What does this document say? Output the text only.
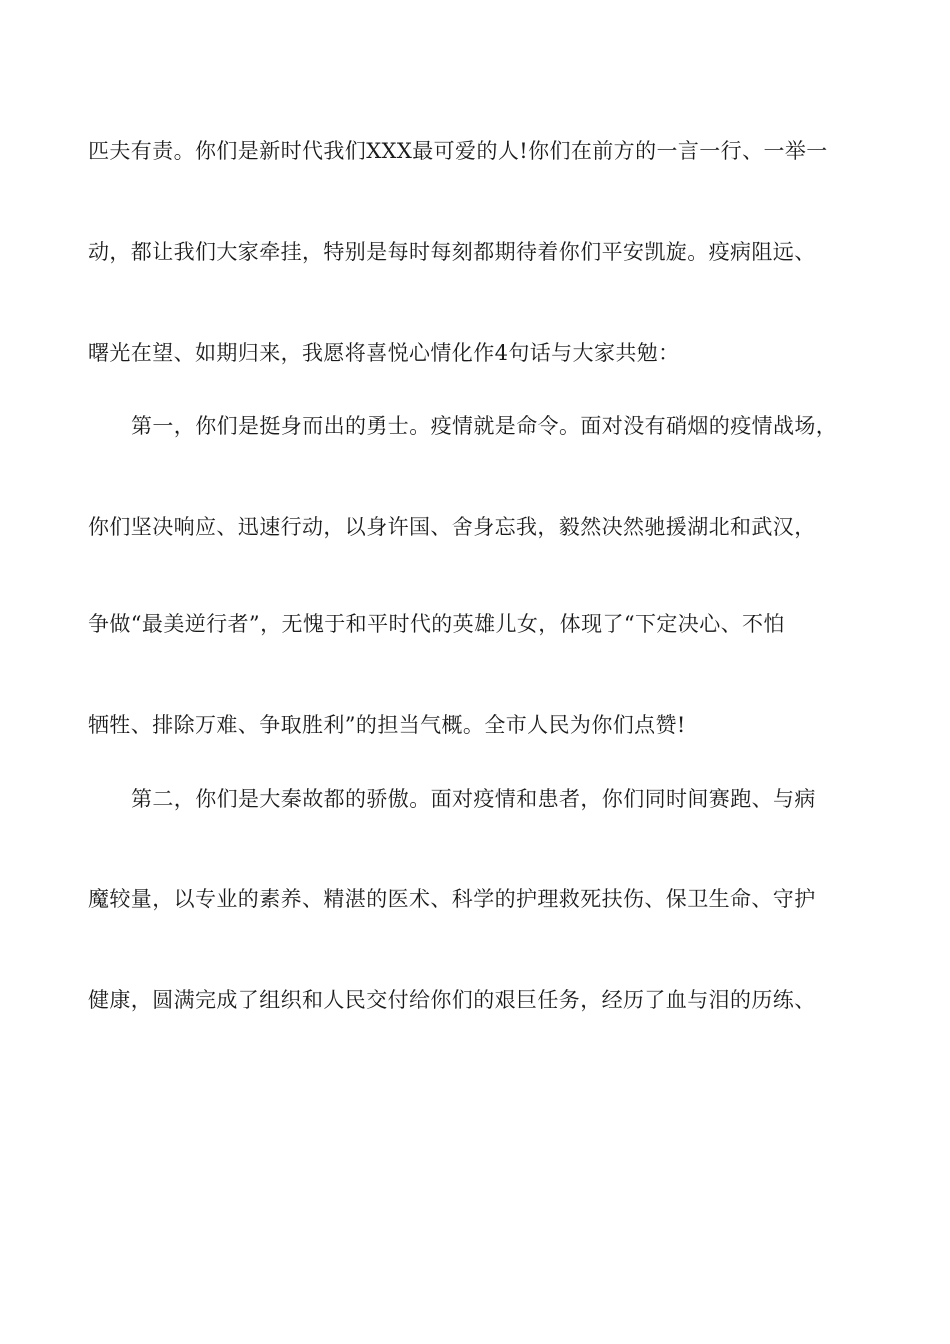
匹夫有责。你们是新时代我们XXX最可爱的人!你们在前方的一言一行、一举一
动，都让我们大家牵挂，特别是每时每刻都期待着你们平安凯旋。疫病阻远、
曙光在望、如期归来，我愿将喜悦心情化作4句话与大家共勉：
第一，你们是挺身而出的勇士。疫情就是命令。面对没有硝烟的疫情战场，
你们坚决响应、迅速行动，以身许国、舍身忘我，毅然决然驰援湖北和武汉，
争做“最美逆行者”，无愧于和平时代的英雄儿女，体现了“下定决心、不怕
牺牲、排除万难、争取胜利”的担当气概。全市人民为你们点赞!
第二，你们是大秦故都的骄傲。面对疫情和患者，你们同时间赛跑、与病
魔较量，以专业的素养、精湛的医术、科学的护理救死扶伤、保卫生命、守护
健康，圆满完成了组织和人民交付给你们的艰巨任务，经历了血与泪的历练、
